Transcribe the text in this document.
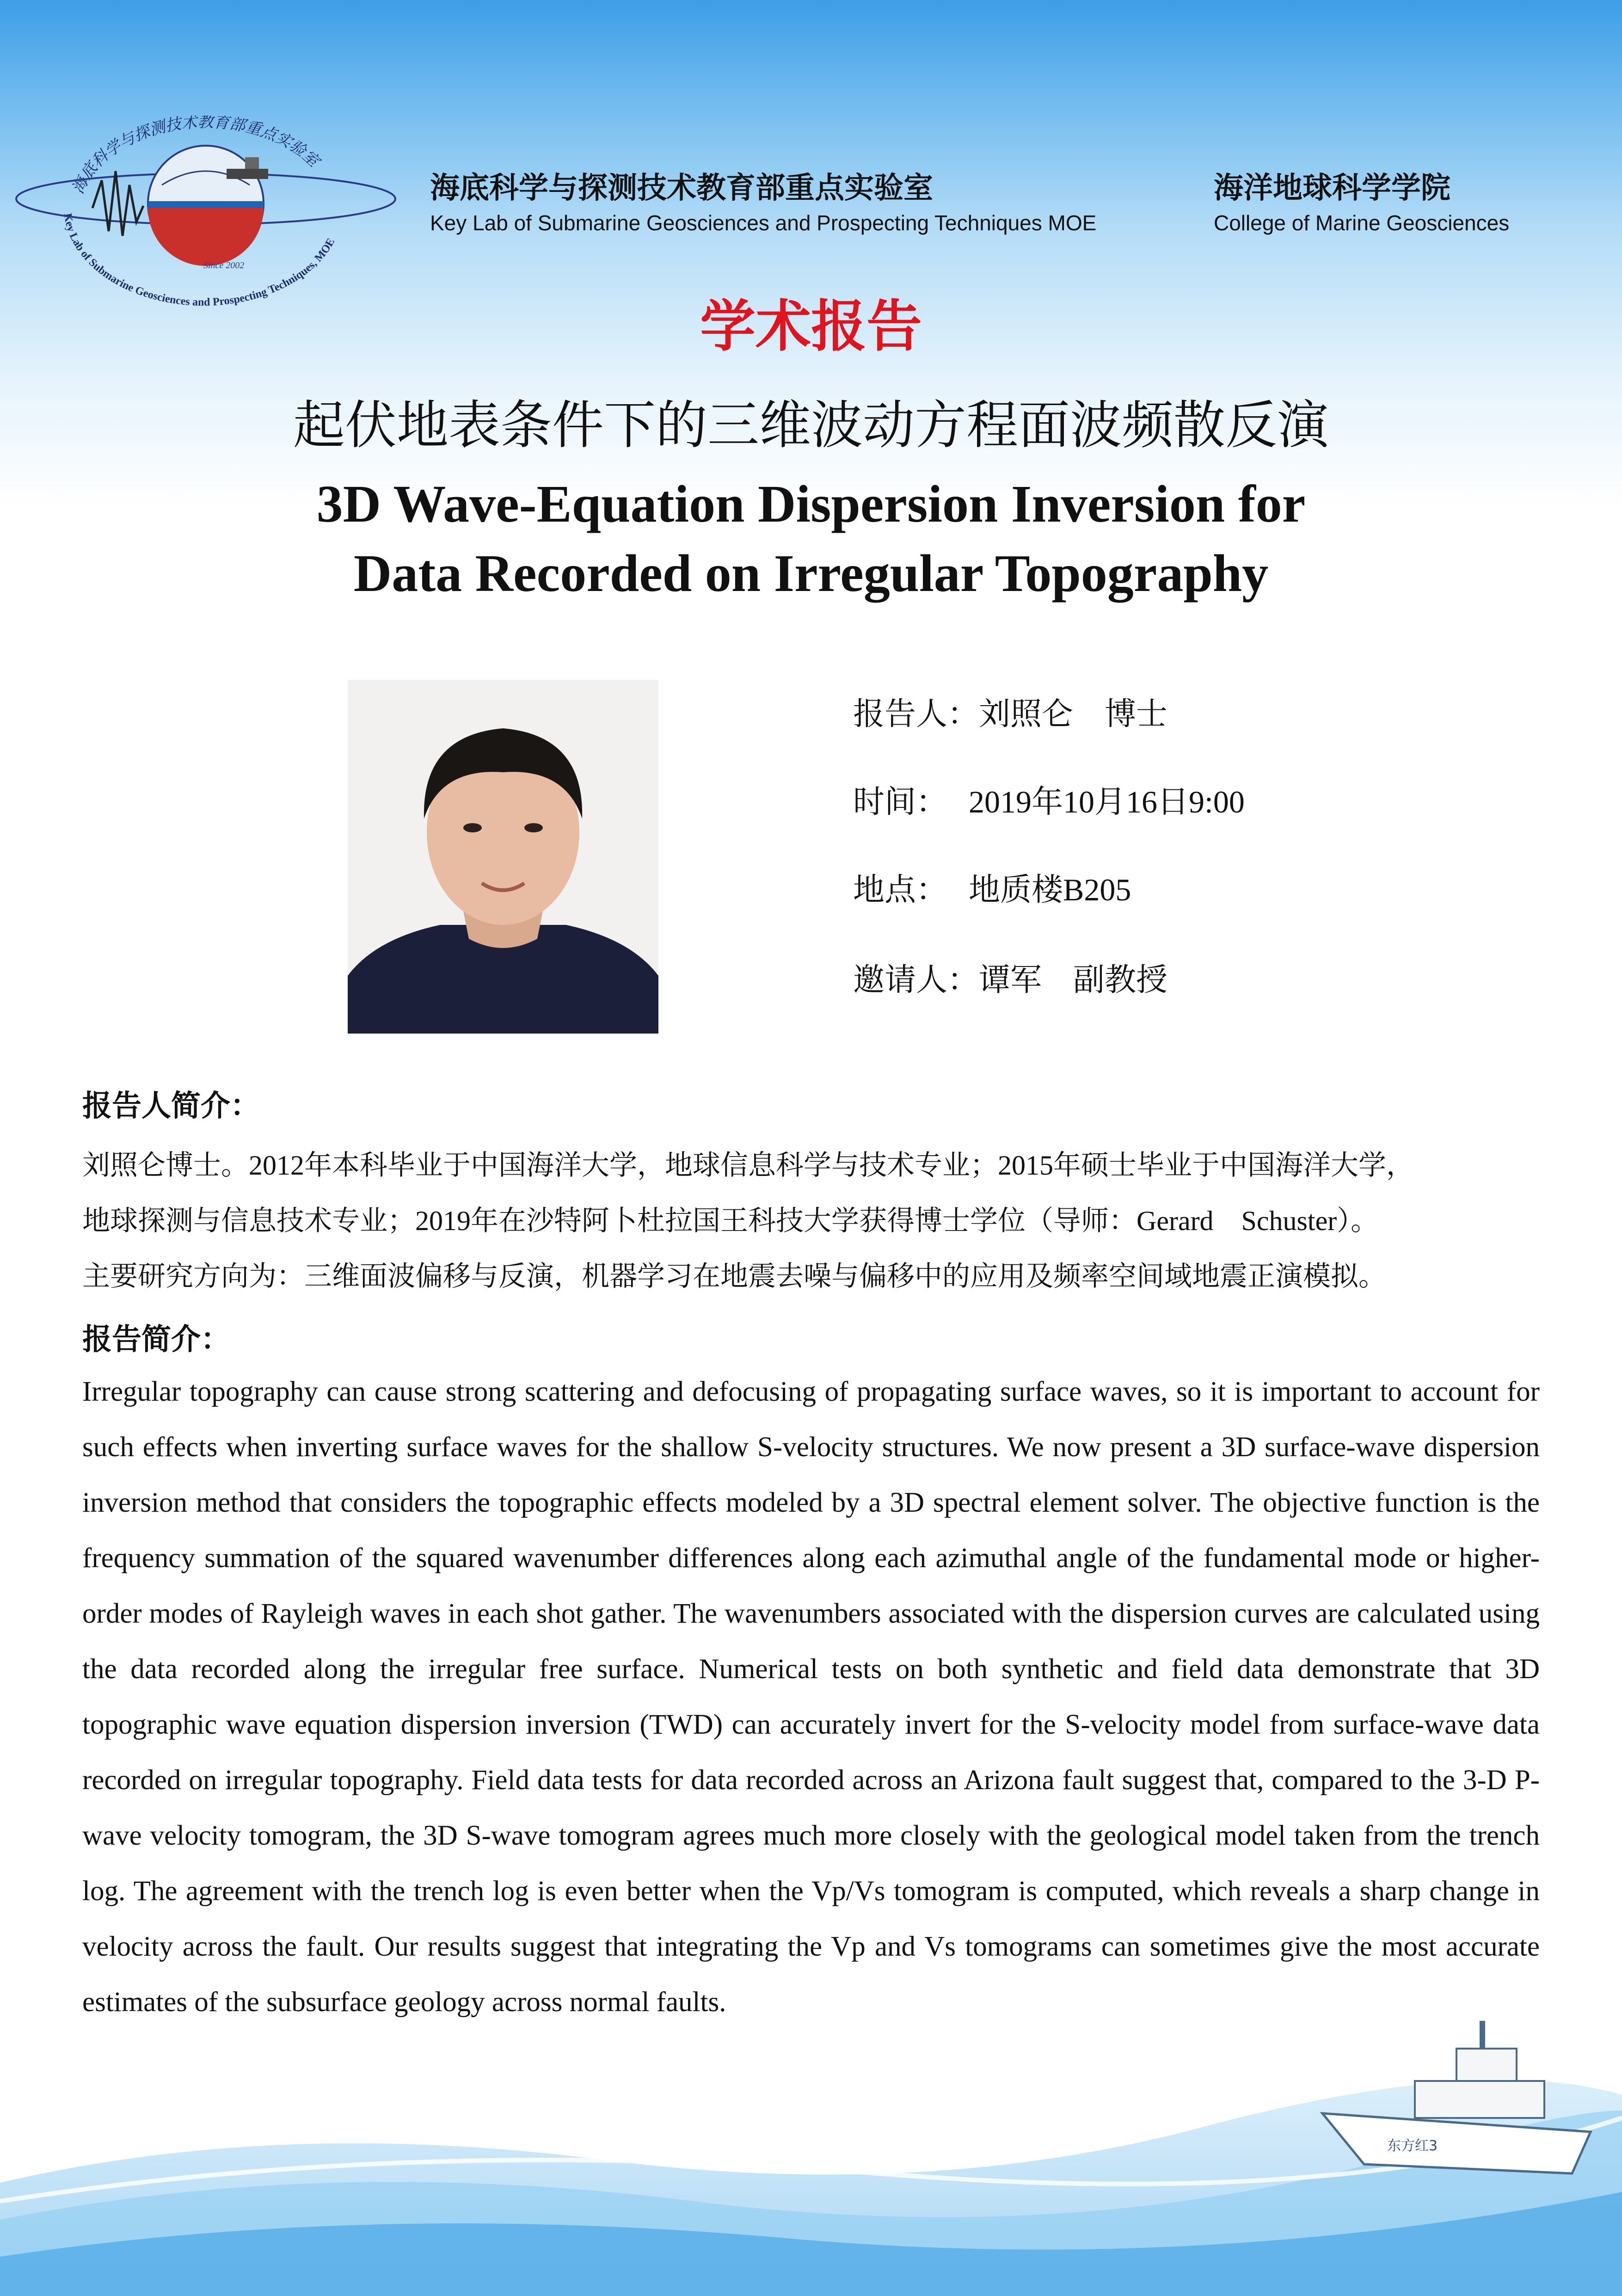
海底科学与探测技术教育部重点实验室
Key Lab of Submarine Geosciences and Prospecting Techniques, MOE
Since 2002
海底科学与探测技术教育部重点实验室
Key Lab of Submarine Geosciences and Prospecting Techniques MOE
海洋地球科学学院
College of Marine Geosciences
学术报告
起伏地表条件下的三维波动方程面波频散反演
3D Wave-Equation Dispersion Inversion for
Data Recorded on Irregular Topography
报告人：刘照仑　博士
时间： 2019年10月16日9:00
地点： 地质楼B205
邀请人：谭军　副教授
报告人简介：
刘照仑博士。2012年本科毕业于中国海洋大学，地球信息科学与技术专业；2015年硕士毕业于中国海洋大学，
地球探测与信息技术专业；2019年在沙特阿卜杜拉国王科技大学获得博士学位（导师：Gerard　Schuster）。
主要研究方向为：三维面波偏移与反演，机器学习在地震去噪与偏移中的应用及频率空间域地震正演模拟。
报告简介：
Irregular topography can cause strong scattering and defocusing of propagating surface waves, so it is important to account for such effects when inverting surface waves for the shallow S-velocity structures. We now present a 3D surface-wave dispersion inversion method that considers the topographic effects modeled by a 3D spectral element solver. The objective function is the frequency summation of the squared wavenumber differences along each azimuthal angle of the fundamental mode or higher-order modes of Rayleigh waves in each shot gather. The wavenumbers associated with the dispersion curves are calculated using the data recorded along the irregular free surface. Numerical tests on both synthetic and field data demonstrate that 3D topographic wave equation dispersion inversion (TWD) can accurately invert for the S-velocity model from surface-wave data recorded on irregular topography. Field data tests for data recorded across an Arizona fault suggest that, compared to the 3-D P-wave velocity tomogram, the 3D S-wave tomogram agrees much more closely with the geological model taken from the trench log. The agreement with the trench log is even better when the Vp/Vs tomogram is computed, which reveals a sharp change in velocity across the fault. Our results suggest that integrating the Vp and Vs tomograms can sometimes give the most accurate estimates of the subsurface geology across normal faults.
东方红3
